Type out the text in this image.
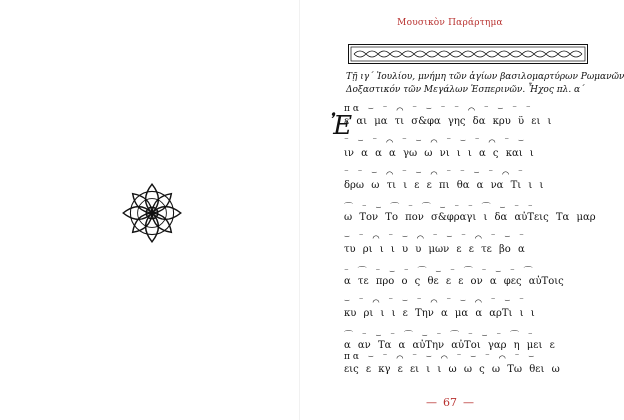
Μουσικὸν Παράρτημα
Τῇ ιγ´ Ἰουλίου, μνήμη τῶν ἁγίων βασιλομαρτύρων Ρωμανῶν
Δοξαστικόν τῶν Μεγάλων Ἑσπερινῶν. Ἦχος πλ. α´
Ἐ
πα ⌣ ⁻ ⌒ ⁻ ⌣ ⁻ ⁻ ⌒ ⁻ ⌣ ⁻ ⁻
ε αι μα τι σ&φα γης δα κρυ ϋ ει ι
⁻ ⌣ ⁻ ⌒ ⁻ ⌣ ⌒ ⁻ ⌣ ⁻ ⌒ ⁻ ⌣
ιν α α α γω ω νι ι ι α ς και ι
⁻ ⁻ ⌣ ⌒ ⁻ ⌣ ⌒ ⁻ ⁻ ⌣ ⁻ ⌒ ⁻
δρω ω τι ι ε ε πι θα α να Τι ι ι
⌒ ⁻ ⌣ ⌒ ⁻ ⌒ ⌣ ⁻ ⁻ ⌒ ⌣ ⁻ ⁻
ω Τον Το πον σ&φραγι ι δα αὐΤεις Τα μαρ
⌣ ⁻ ⌒ ⁻ ⌣ ⌒ ⁻ ⌣ ⁻ ⌒ ⁻ ⌣ ⁻
τυ ρι ι ι υ υ μων ε ε τε βο α
⁻ ⌒ ⁻ ⌣ ⁻ ⌒ ⌣ ⁻ ⌒ ⁻ ⌣ ⁻ ⌒
α τε προ ο ς θε ε ε ον α φες αὐΤοις
⌣ ⁻ ⌒ ⁻ ⌣ ⁻ ⌒ ⁻ ⌣ ⌒ ⁻ ⌣ ⁻
κυ ρι ι ι ε Την α μα α αρΤι ι ι
⌒ ⁻ ⌣ ⁻ ⌒ ⌣ ⁻ ⌒ ⁻ ⌣ ⁻ ⌒ ⁻
α αν Τα α αὐΤην αὐΤοι γαρ η μει ε
πα ⌣ ⁻ ⌒ ⁻ ⌣ ⌒ ⁻ ⌣ ⁻ ⌒ ⁻ ⌣
εις ε κγ ε ει ι ι ω ω ς ω Τω θει ω
— 67 —
